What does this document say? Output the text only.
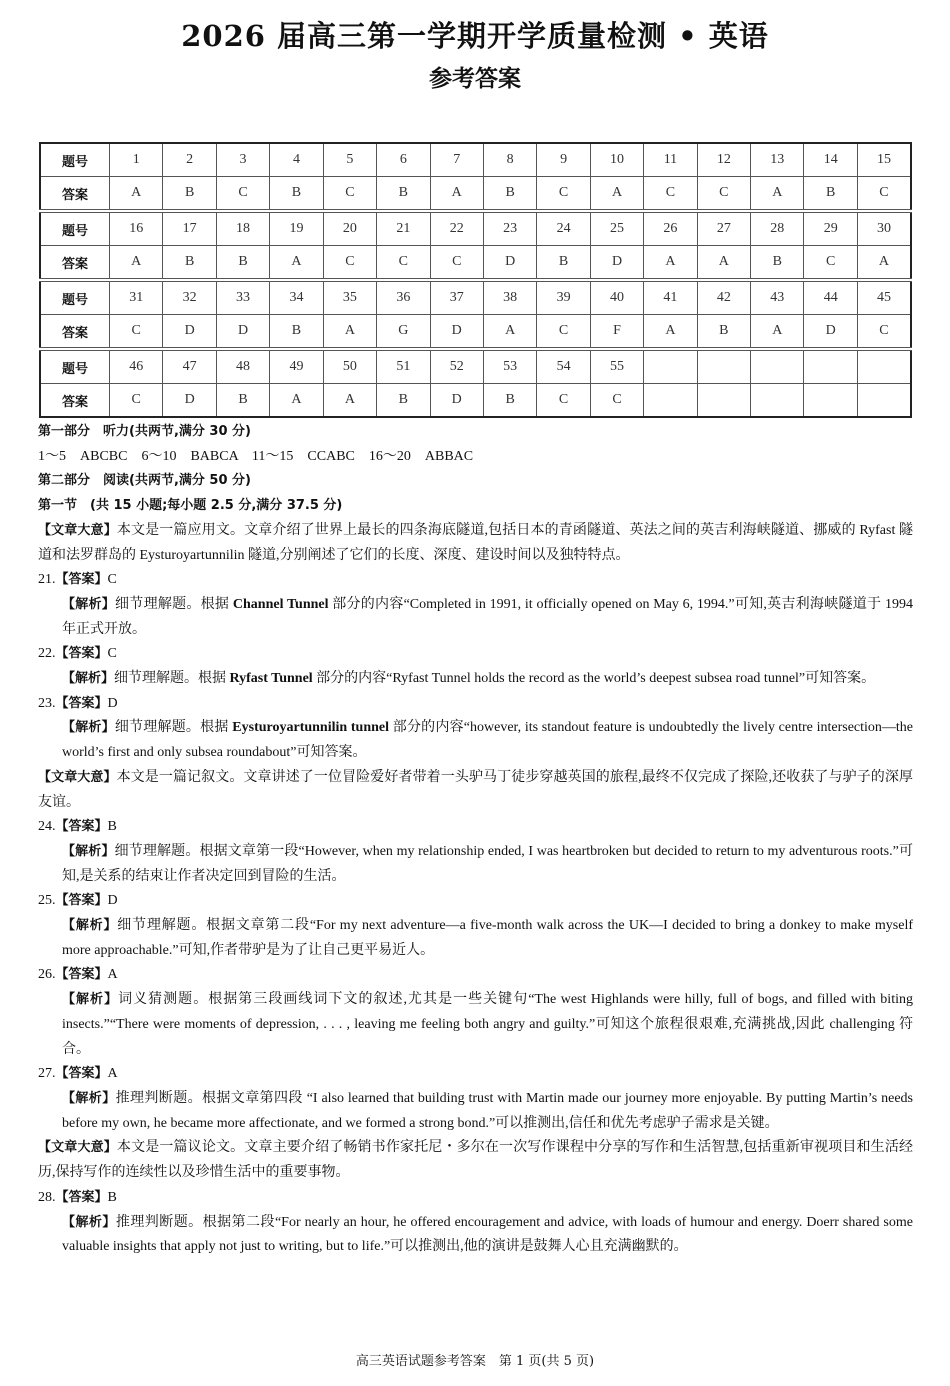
2026 届高三第一学期开学质量检测 • 英语
参考答案
题号	1	2	3	4	5	6	7	8	9	10	11	12	13	14	15
答案	A	B	C	B	C	B	A	B	C	A	C	C	A	B	C
题号	16	17	18	19	20	21	22	23	24	25	26	27	28	29	30
答案	A	B	B	A	C	C	C	D	B	D	A	A	B	C	A
题号	31	32	33	34	35	36	37	38	39	40	41	42	43	44	45
答案	C	D	D	B	A	G	D	A	C	F	A	B	A	D	C
题号	46	47	48	49	50	51	52	53	54	55					
答案	C	D	B	A	A	B	D	B	C	C					
第一部分　听力(共两节,满分 30 分)
1～5　ABCBC　6～10　BABCA　11～15　CCABC　16～20　ABBAC
第二部分　阅读(共两节,满分 50 分)
第一节　(共 15 小题;每小题 2.5 分,满分 37.5 分)
【文章大意】本文是一篇应用文。文章介绍了世界上最长的四条海底隧道,包括日本的青函隧道、英法之间的英吉利海峡隧道、挪威的 Ryfast 隧道和法罗群岛的 Eysturoyartunnilin 隧道,分别阐述了它们的长度、深度、建设时间以及独特特点。
21.【答案】C
【解析】细节理解题。根据 Channel Tunnel 部分的内容“Completed in 1991, it officially opened on May 6, 1994.”可知,英吉利海峡隧道于 1994 年正式开放。
22.【答案】C
【解析】细节理解题。根据 Ryfast Tunnel 部分的内容“Ryfast Tunnel holds the record as the world’s deepest subsea road tunnel”可知答案。
23.【答案】D
【解析】细节理解题。根据 Eysturoyartunnilin tunnel 部分的内容“however, its standout feature is undoubtedly the lively centre intersection—the world’s first and only subsea roundabout”可知答案。
【文章大意】本文是一篇记叙文。文章讲述了一位冒险爱好者带着一头驴马丁徒步穿越英国的旅程,最终不仅完成了探险,还收获了与驴子的深厚友谊。
24.【答案】B
【解析】细节理解题。根据文章第一段“However, when my relationship ended, I was heartbroken but decided to return to my adventurous roots.”可知,是关系的结束让作者决定回到冒险的生活。
25.【答案】D
【解析】细节理解题。根据文章第二段“For my next adventure—a five-month walk across the UK—I decided to bring a donkey to make myself more approachable.”可知,作者带驴是为了让自己更平易近人。
26.【答案】A
【解析】词义猜测题。根据第三段画线词下文的叙述,尤其是一些关键句“The west Highlands were hilly, full of bogs, and filled with biting insects.”“There were moments of depression, . . . , leaving me feeling both angry and guilty.”可知这个旅程很艰难,充满挑战,因此 challenging 符合。
27.【答案】A
【解析】推理判断题。根据文章第四段 “I also learned that building trust with Martin made our journey more enjoyable. By putting Martin’s needs before my own, he became more affectionate, and we formed a strong bond.”可以推测出,信任和优先考虑驴子需求是关键。
【文章大意】本文是一篇议论文。文章主要介绍了畅销书作家托尼・多尔在一次写作课程中分享的写作和生活智慧,包括重新审视项目和生活经历,保持写作的连续性以及珍惜生活中的重要事物。
28.【答案】B
【解析】推理判断题。根据第二段“For nearly an hour, he offered encouragement and advice, with loads of humour and energy. Doerr shared some valuable insights that apply not just to writing, but to life.”可以推测出,他的演讲是鼓舞人心且充满幽默的。
高三英语试题参考答案　第 1 页(共 5 页)
